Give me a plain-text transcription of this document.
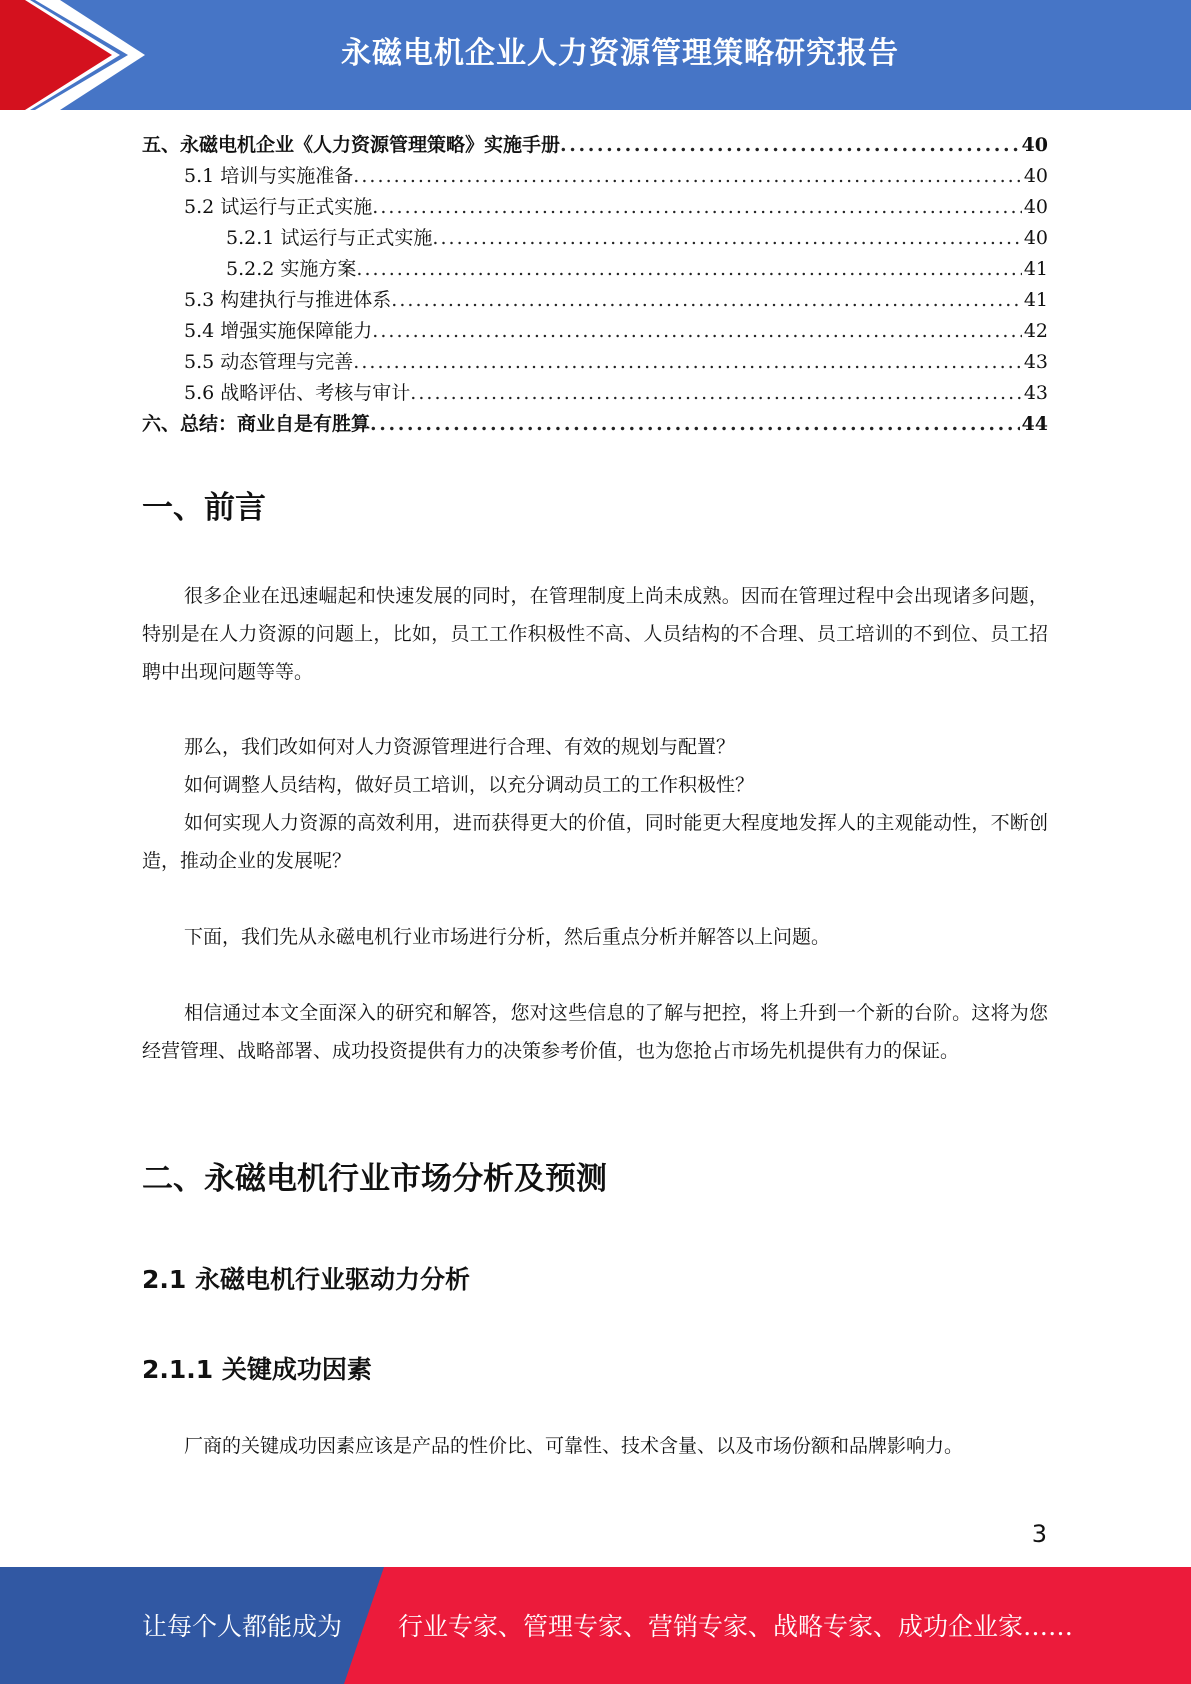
永磁电机企业人力资源管理策略研究报告
五、永磁电机企业《人力资源管理策略》实施手册 . . .	40
5.1 培训与实施准备 . . .	40
5.2 试运行与正式实施 . . .	40
5.2.1 试运行与正式实施 . . .	40
5.2.2 实施方案 . . .	41
5.3 构建执行与推进体系 . . .	41
5.4 增强实施保障能力 . . .	42
5.5 动态管理与完善 . . .	43
5.6 战略评估、考核与审计 . . .	43
六、总结：商业自是有胜算 . . .	44
一、前言

很多企业在迅速崛起和快速发展的同时，在管理制度上尚未成熟。因而在管理过程中会出现诸多问题，特别是在人力资源的问题上，比如，员工工作积极性不高、人员结构的不合理、员工培训的不到位、员工招聘中出现问题等等。

那么，我们改如何对人力资源管理进行合理、有效的规划与配置？

如何调整人员结构，做好员工培训，以充分调动员工的工作积极性？

如何实现人力资源的高效利用，进而获得更大的价值，同时能更大程度地发挥人的主观能动性，不断创造，推动企业的发展呢？

下面，我们先从永磁电机行业市场进行分析，然后重点分析并解答以上问题。

相信通过本文全面深入的研究和解答，您对这些信息的了解与把控，将上升到一个新的台阶。这将为您经营管理、战略部署、成功投资提供有力的决策参考价值，也为您抢占市场先机提供有力的保证。

二、永磁电机行业市场分析及预测
2.1 永磁电机行业驱动力分析
2.1.1 关键成功因素

厂商的关键成功因素应该是产品的性价比、可靠性、技术含量、以及市场份额和品牌影响力。

3
让每个人都能成为 行业专家、管理专家、营销专家、战略专家、成功企业家……
